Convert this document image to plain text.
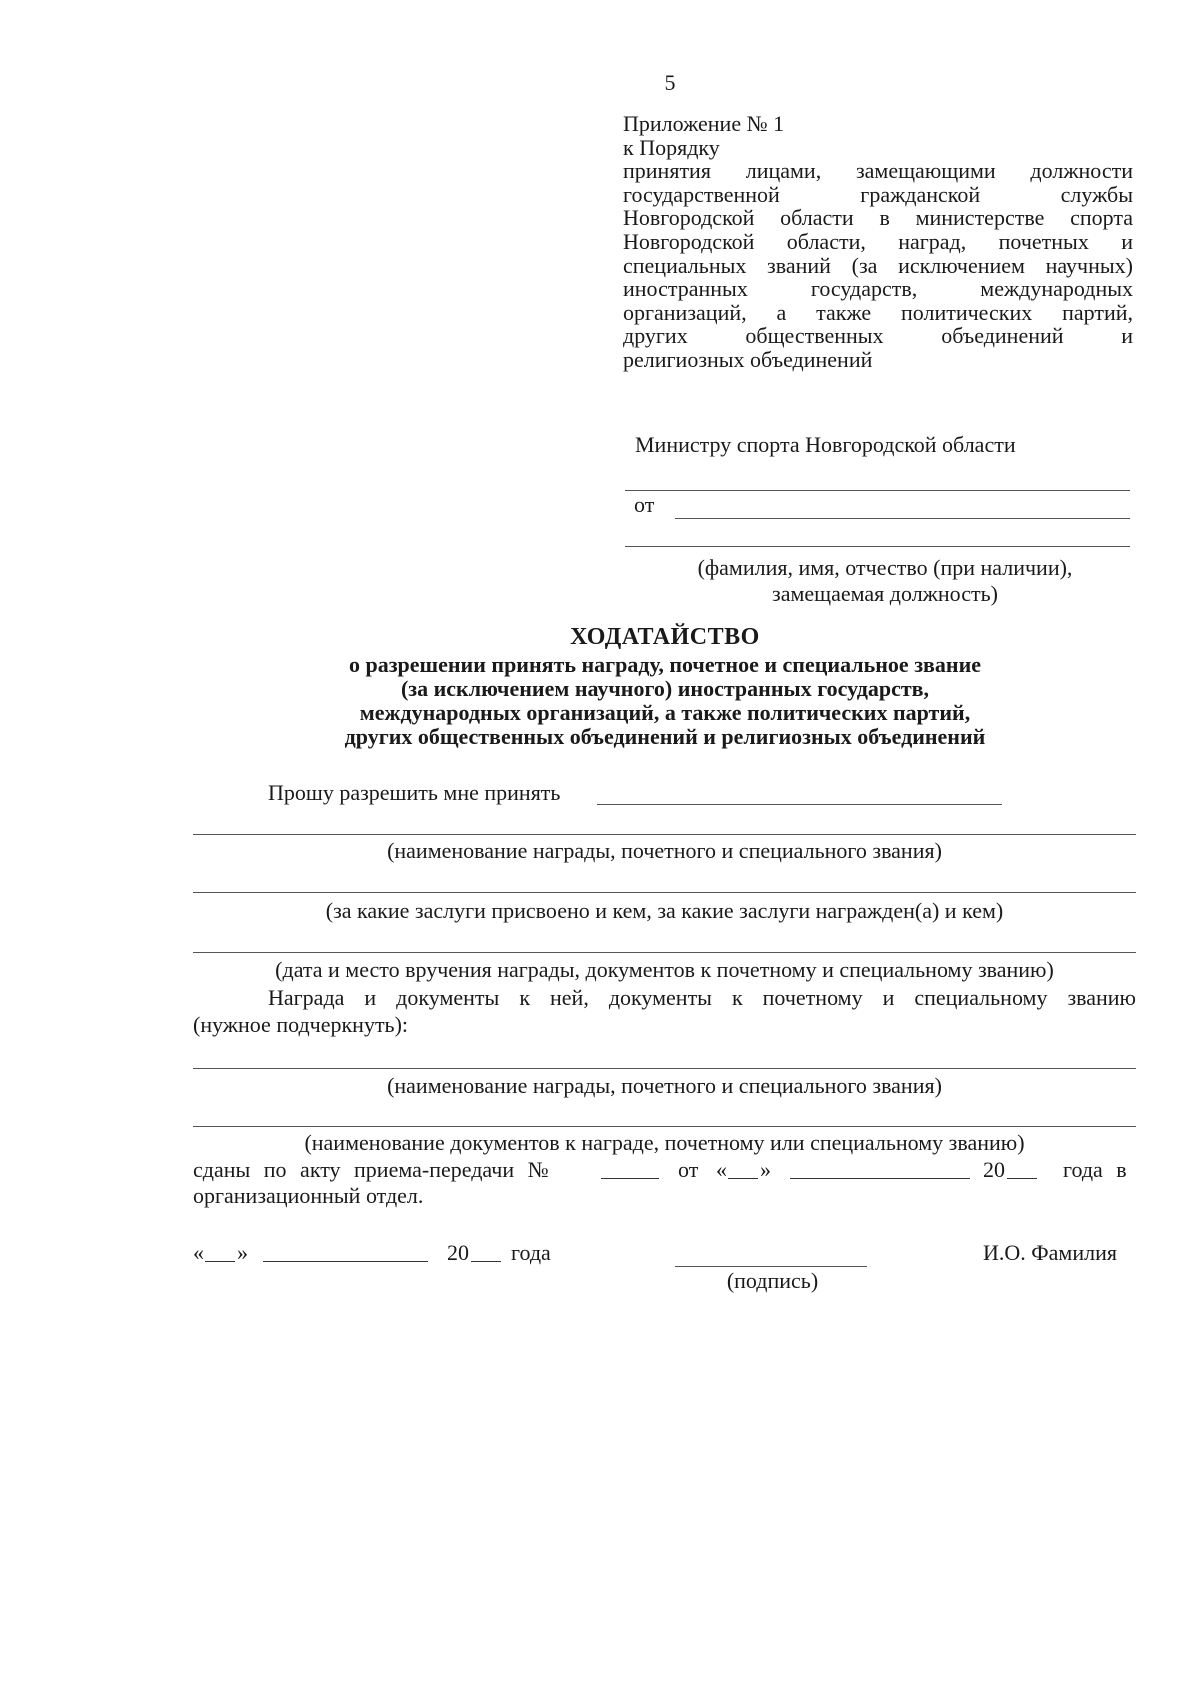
5
Приложение № 1
к Порядку
принятия лицами, замещающими должности
государственной гражданской службы
Новгородской области в министерстве спорта
Новгородской области, наград, почетных и
специальных званий (за исключением научных)
иностранных государств, международных
организаций, а также политических партий,
других общественных объединений и
религиозных объединений
Министру спорта Новгородской области
от
(фамилия, имя, отчество (при наличии),
замещаемая должность)
ХОДАТАЙСТВО
о разрешении принять награду, почетное и специальное звание
(за исключением научного) иностранных государств,
международных организаций, а также политических партий,
других общественных объединений и религиозных объединений
Прошу разрешить мне принять
(наименование награды, почетного и специального звания)
(за какие заслуги присвоено и кем, за какие заслуги награжден(а) и кем)
(дата и место вручения награды, документов к почетному и специальному званию)
Награда и документы к ней, документы к почетному и специальному званию
(нужное подчеркнуть):
(наименование награды, почетного и специального звания)
(наименование документов к награде, почетному или специальному званию)
сданы по акту приема-передачи №	от « »	20	года в
организационный отдел.
« »	20 года
(подпись)
И.О. Фамилия
